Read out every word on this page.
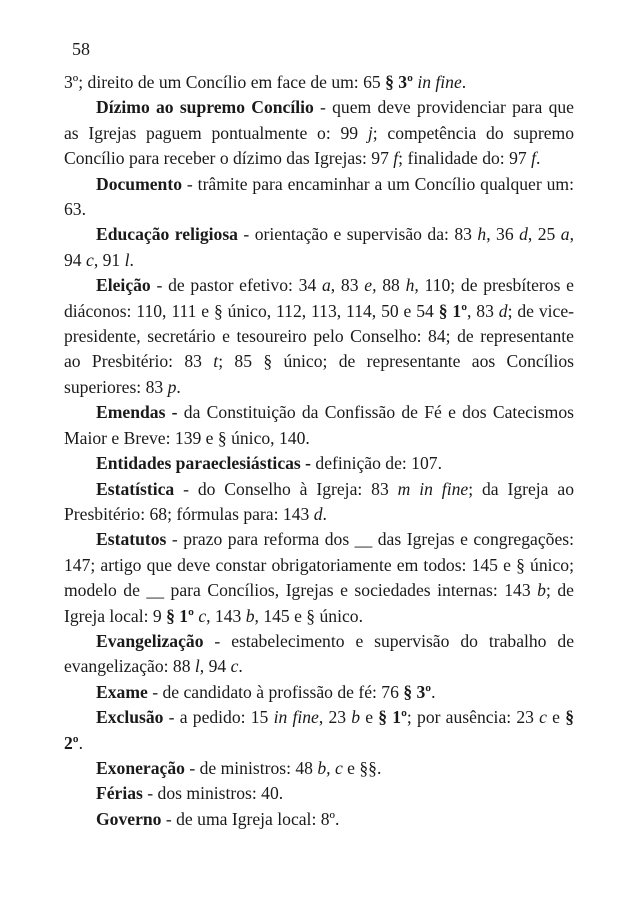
58

3º; direito de um Concílio em face de um: 65 § 3º in fine.

Dízimo ao supremo Concílio - quem deve providenciar para que as Igrejas paguem pontualmente o: 99 j; competência do supremo Concílio para receber o dízimo das Igrejas: 97 f; finalidade do: 97 f.

Documento - trâmite para encaminhar a um Concílio qualquer um: 63.

Educação religiosa - orientação e supervisão da: 83 h, 36 d, 25 a, 94 c, 91 l.

Eleição - de pastor efetivo: 34 a, 83 e, 88 h, 110; de presbíteros e diáconos: 110, 111 e § único, 112, 113, 114, 50 e 54 § 1º, 83 d; de vice-presidente, secretário e tesoureiro pelo Conselho: 84; de representante ao Presbitério: 83 t; 85 § único; de representante aos Concílios superiores: 83 p.

Emendas - da Constituição da Confissão de Fé e dos Catecismos Maior e Breve: 139 e § único, 140.

Entidades paraeclesiásticas - definição de: 107.

Estatística - do Conselho à Igreja: 83 m in fine; da Igreja ao Presbitério: 68; fórmulas para: 143 d.

Estatutos - prazo para reforma dos __ das Igrejas e congregações: 147; artigo que deve constar obrigatoriamente em todos: 145 e § único; modelo de __ para Concílios, Igrejas e sociedades internas: 143 b; de Igreja local: 9 § 1º c, 143 b, 145 e § único.

Evangelização - estabelecimento e supervisão do trabalho de evangelização: 88 l, 94 c.

Exame - de candidato à profissão de fé: 76 § 3º.

Exclusão - a pedido: 15 in fine, 23 b e § 1º; por ausência: 23 c e § 2º.

Exoneração - de ministros: 48 b, c e §§.

Férias - dos ministros: 40.

Governo - de uma Igreja local: 8º.
